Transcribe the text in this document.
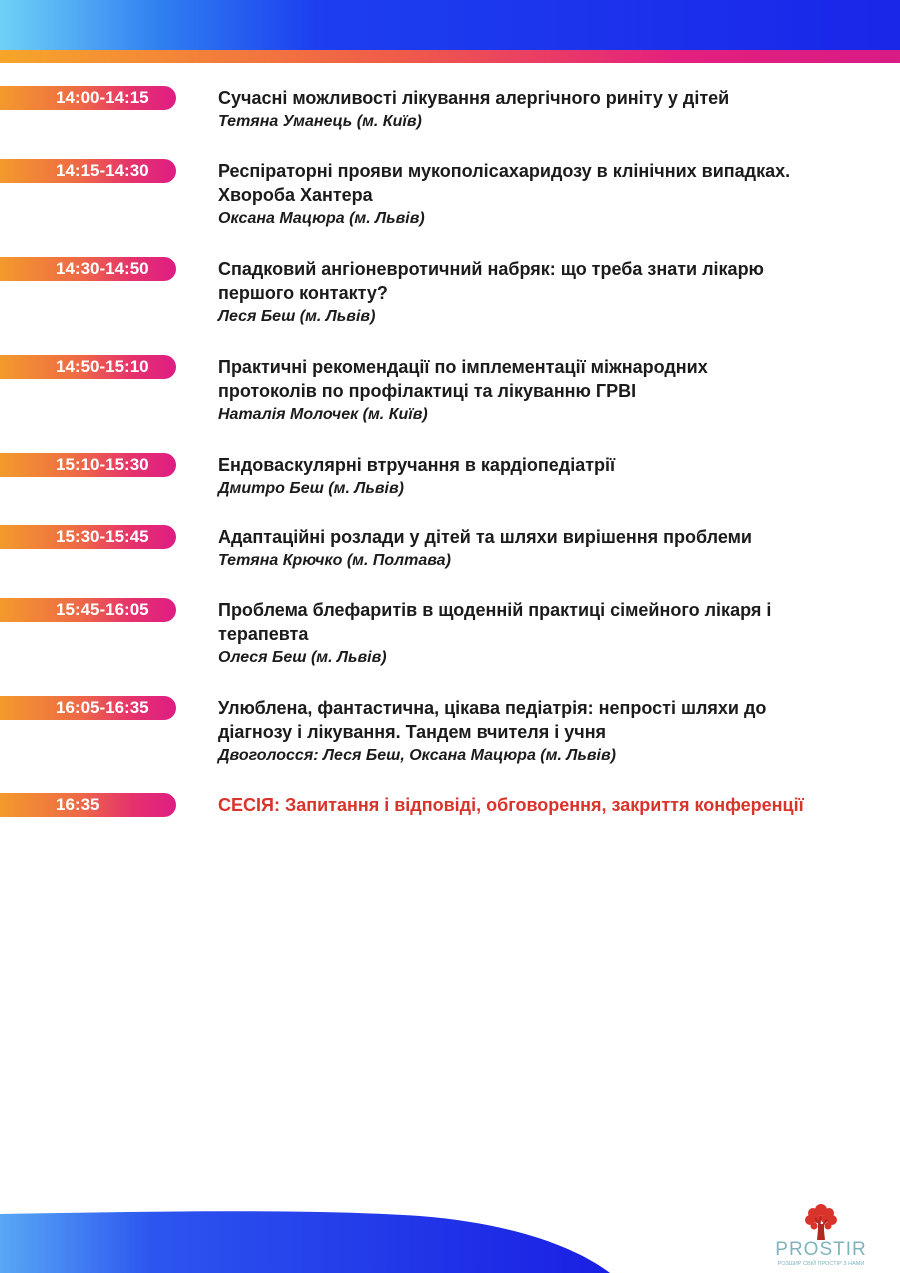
14:00-14:15	Сучасні можливості лікування алергічного риніту у дітей
Тетяна Уманець (м. Київ)
14:15-14:30	Респіраторні прояви мукополісахаридозу в клінічних випадках.
Хвороба Хантера
Оксана Мацюра (м. Львів)
14:30-14:50	Спадковий ангіоневротичний набряк: що треба знати лікарю
першого контакту?
Леся Беш (м. Львів)
14:50-15:10	Практичні рекомендації по імплементації міжнародних
протоколів по профілактиці та лікуванню ГРВІ
Наталія Молочек (м. Київ)
15:10-15:30	Ендоваскулярні втручання в кардіопедіатрії
Дмитро Беш (м. Львів)
15:30-15:45	Адаптаційні розлади у дітей та шляхи вирішення проблеми
Тетяна Крючко (м. Полтава)
15:45-16:05	Проблема блефаритів в щоденній практиці сімейного лікаря і
терапевта
Олеся Беш (м. Львів)
16:05-16:35	Улюблена, фантастична, цікава педіатрія: непрості шляхи до
діагнозу і лікування. Тандем вчителя і учня
Двоголосся: Леся Беш, Оксана Мацюра (м. Львів)
16:35	СЕСІЯ: Запитання і відповіді, обговорення, закриття конференції
PROSTIR
РОЗШИР СВІЙ ПРОСТІР З НАМИ
